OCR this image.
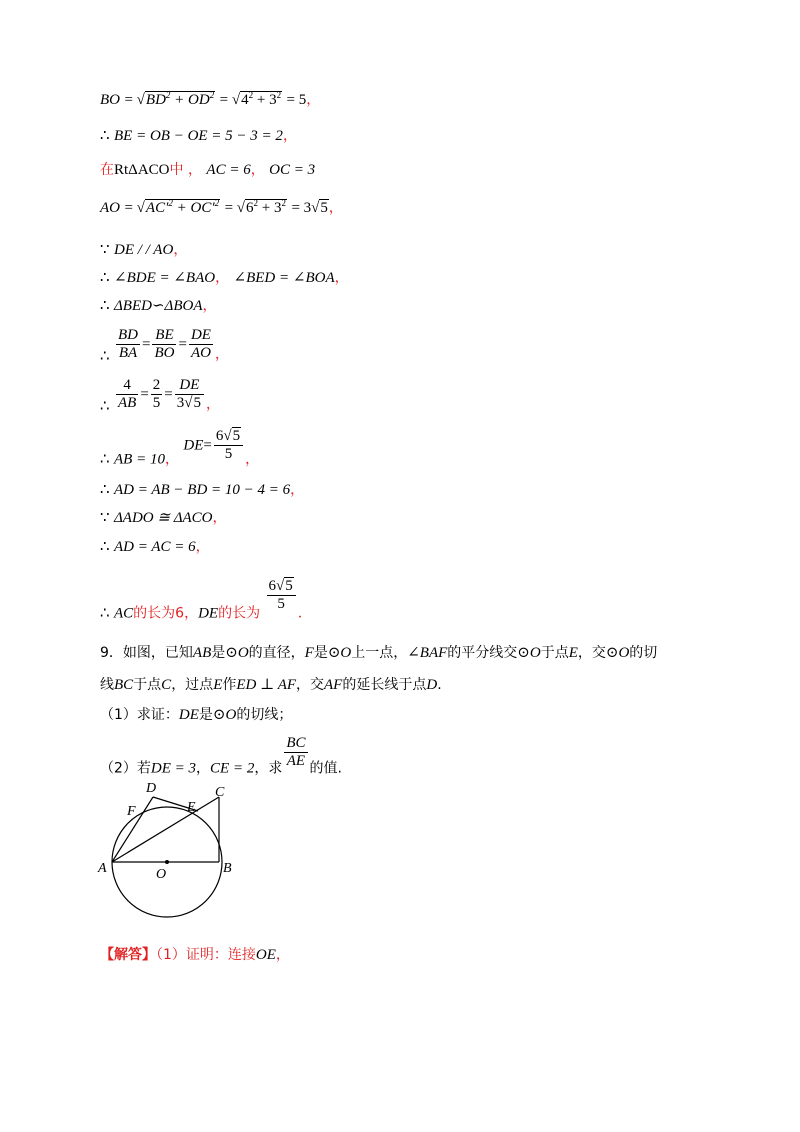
BO = $√BD^2 + OD^2 = √4^2 + 3^2 = 5$，
∴ BE = OB − OE = 5 − 3 = 2，
在RtΔACO中 ， AC = 6， OC = 3
AO = $√AC'^2 + OC'^2 = √6^2 + 3^2 = 3√5$，
∵ DE / / AO，
∴ ∠BDE = ∠BAO， ∠BED = ∠BOA，
∴ ΔBED∽ΔBOA，
∴ $\frac{BD}{BA} = \frac{BE}{BO} = \frac{DE}{AO}$ ，
∴ $\frac{4}{AB} = \frac{2}{5} = \frac{DE}{3√5}$ ，
∴ AB = 10， $DE= \frac{6√5}{5}$ ，
∴ AD = AB − BD = 10 − 4 = 6，
∵ ΔADO ≅ ΔACO，
∴ AD = AC = 6，
∴ AC的长为6，DE的长为
$\frac{6√5}{5}$
.
9．如图，已知AB是⊙O的直径，F是⊙O上一点，∠BAF的平分线交⊙O于点E，交⊙O的切
线BC于点C，过点E作ED ⊥ AF，交AF的延长线于点D.
（1）求证：DE是⊙O的切线；
（2）若DE = 3，CE = 2，求 $\frac{BC}{AE}$ 的值.
A	B
O
C
D
E
F
【解答】（1）证明：连接OE，
